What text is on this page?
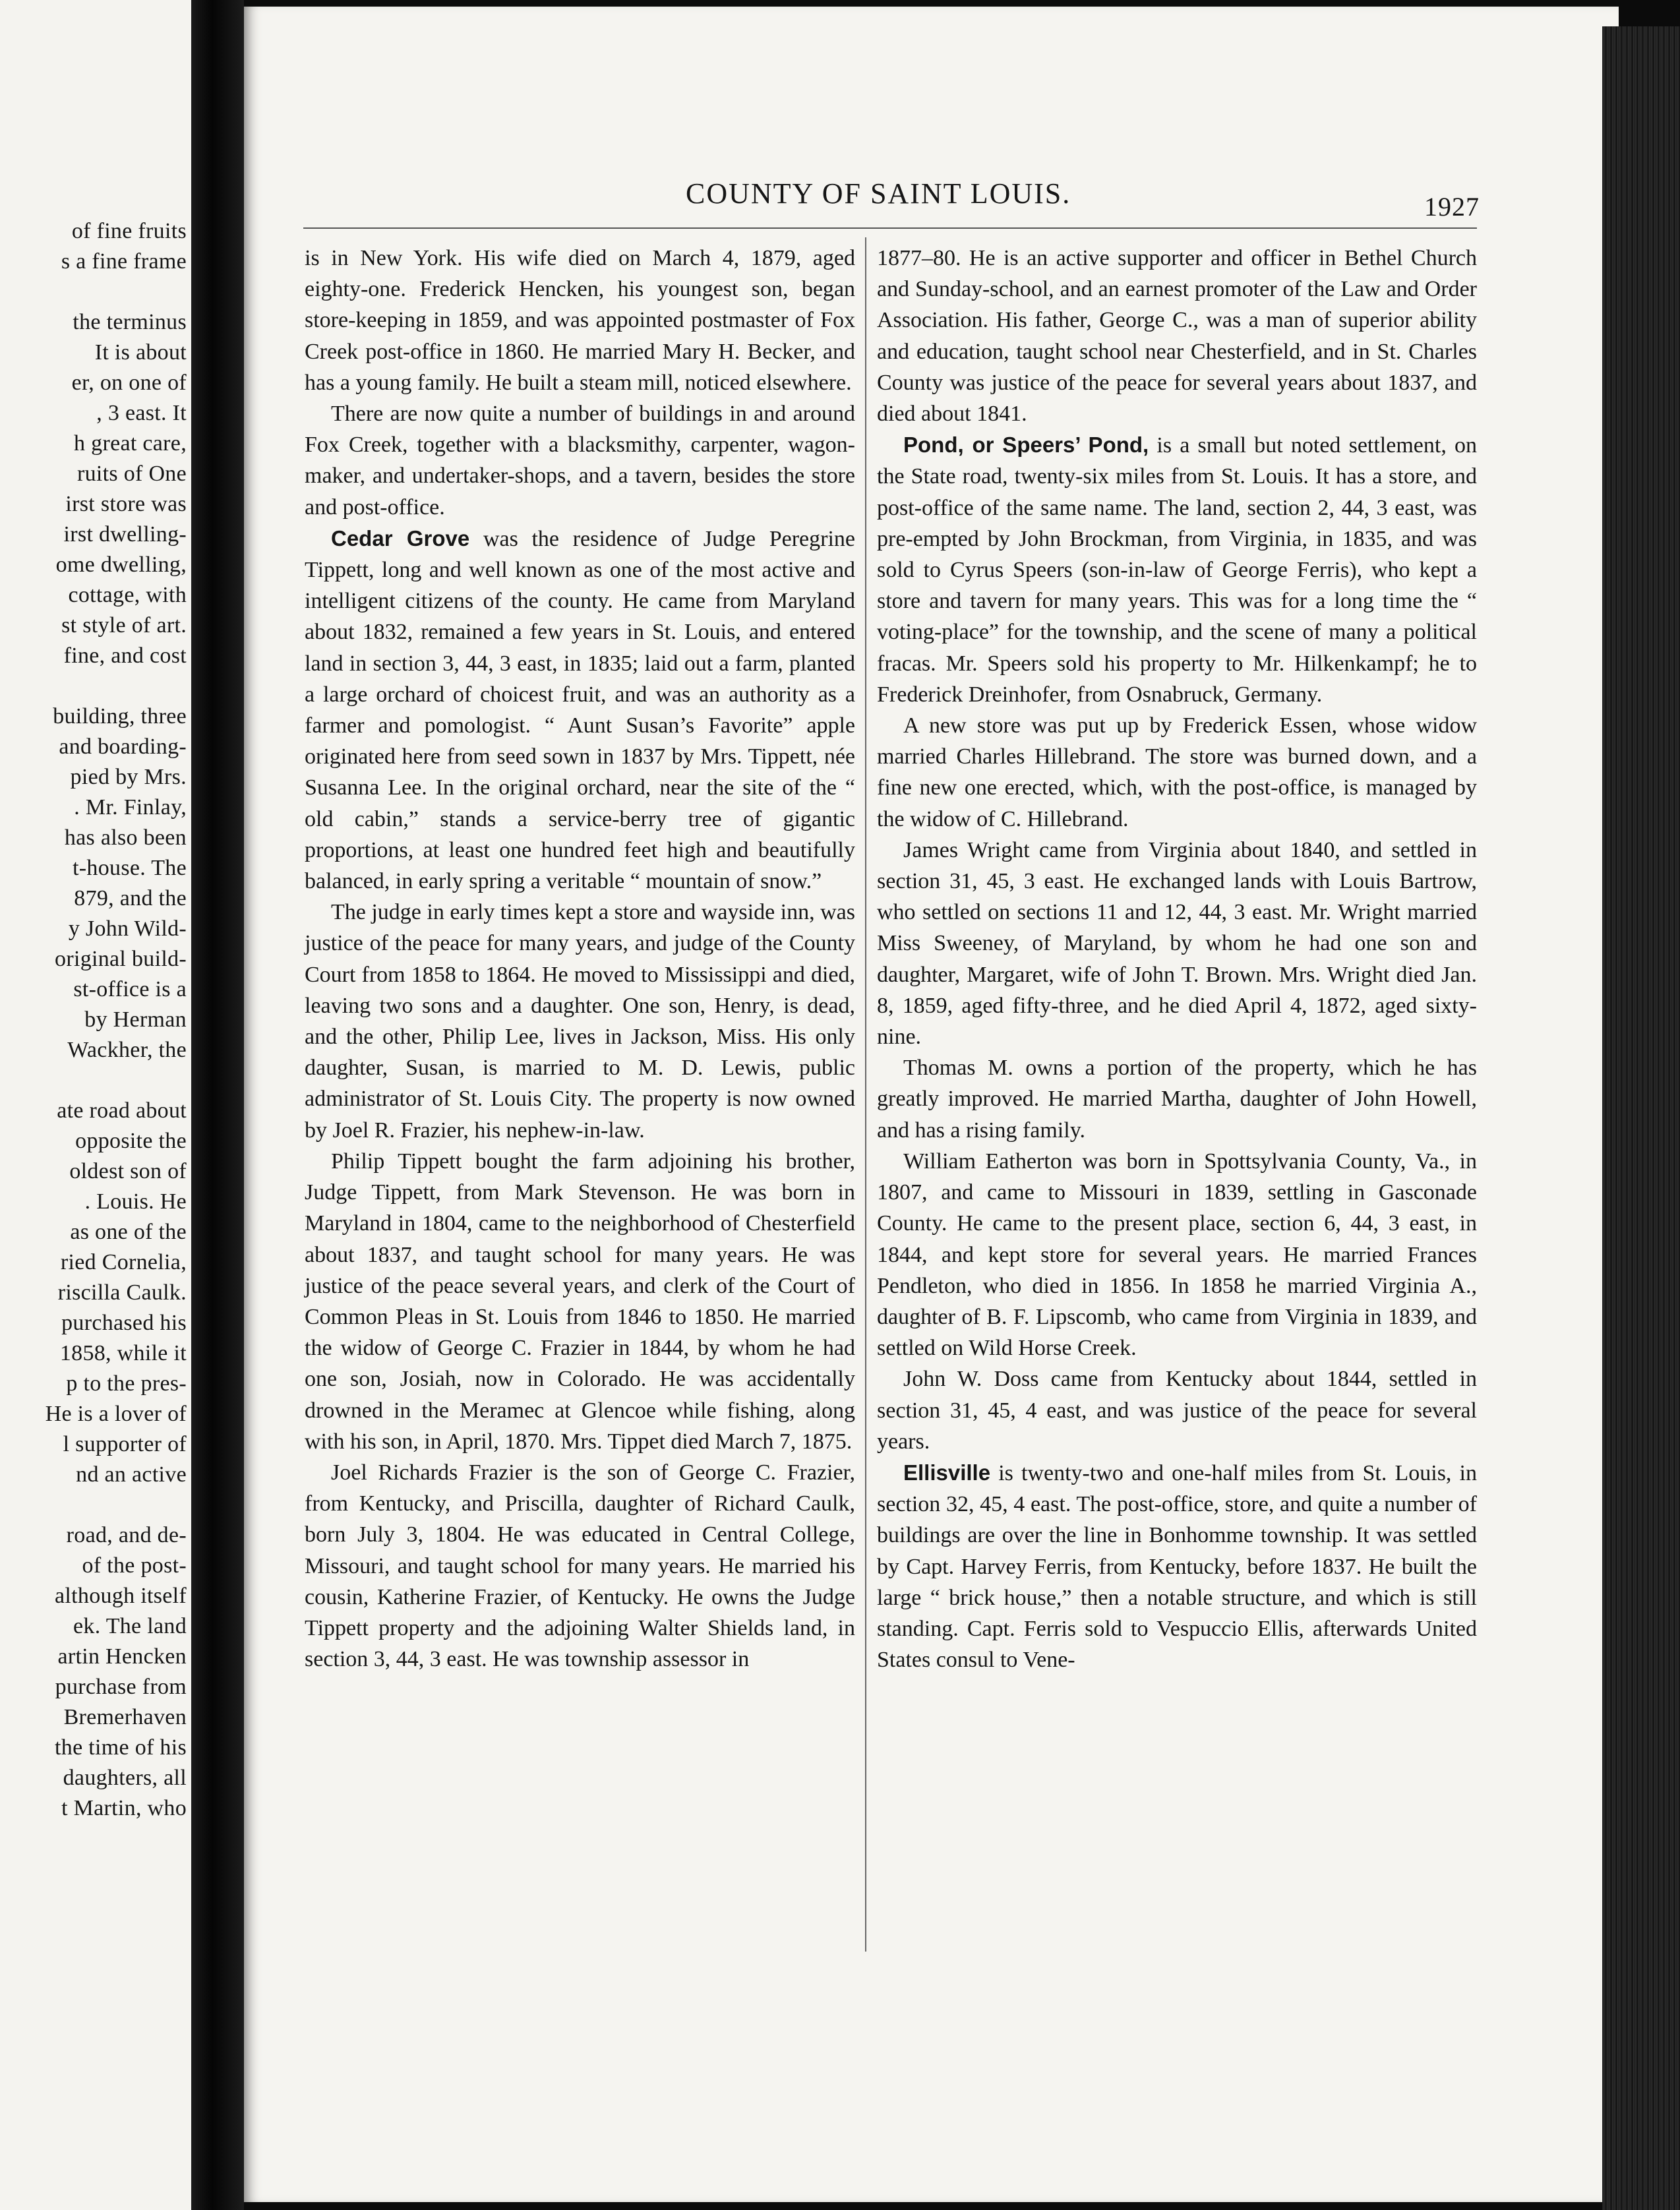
of fine fruits
s a fine frame
the terminus
It is about
er, on one of
, 3 east. It
h great care,
ruits of One
irst store was
irst dwelling-
ome dwelling,
cottage, with
st style of art.
fine, and cost
building, three
and boarding-
pied by Mrs.
. Mr. Finlay,
has also been
t-house. The
879, and the
y John Wild-
original build-
st-office is a
by Herman
Wackher, the
ate road about
opposite the
oldest son of
. Louis. He
as one of the
ried Cornelia,
riscilla Caulk.
purchased his
1858, while it
p to the pres-
He is a lover of
l supporter of
nd an active
road, and de-
of the post-
although itself
ek. The land
artin Hencken
purchase from
Bremerhaven
the time of his
daughters, all
t Martin, who
COUNTY OF SAINT LOUIS.	1927

is in New York. His wife died on March 4, 1879, aged eighty-one. Frederick Hencken, his youngest son, began store-keeping in 1859, and was appointed postmaster of Fox Creek post-office in 1860. He married Mary H. Becker, and has a young family. He built a steam mill, noticed elsewhere.

There are now quite a number of buildings in and around Fox Creek, together with a blacksmithy, carpenter, wagon-maker, and undertaker-shops, and a tavern, besides the store and post-office.

Cedar Grove was the residence of Judge Peregrine Tippett, long and well known as one of the most active and intelligent citizens of the county. He came from Maryland about 1832, remained a few years in St. Louis, and entered land in section 3, 44, 3 east, in 1835; laid out a farm, planted a large orchard of choicest fruit, and was an authority as a farmer and pomologist. “ Aunt Susan’s Favorite” apple originated here from seed sown in 1837 by Mrs. Tippett, née Susanna Lee. In the original orchard, near the site of the “ old cabin,” stands a service-berry tree of gigantic proportions, at least one hundred feet high and beautifully balanced, in early spring a veritable “ mountain of snow.”

The judge in early times kept a store and wayside inn, was justice of the peace for many years, and judge of the County Court from 1858 to 1864. He moved to Mississippi and died, leaving two sons and a daughter. One son, Henry, is dead, and the other, Philip Lee, lives in Jackson, Miss. His only daughter, Susan, is married to M. D. Lewis, public administrator of St. Louis City. The property is now owned by Joel R. Frazier, his nephew-in-law.

Philip Tippett bought the farm adjoining his brother, Judge Tippett, from Mark Stevenson. He was born in Maryland in 1804, came to the neighborhood of Chesterfield about 1837, and taught school for many years. He was justice of the peace several years, and clerk of the Court of Common Pleas in St. Louis from 1846 to 1850. He married the widow of George C. Frazier in 1844, by whom he had one son, Josiah, now in Colorado. He was accidentally drowned in the Meramec at Glencoe while fishing, along with his son, in April, 1870. Mrs. Tippet died March 7, 1875.

Joel Richards Frazier is the son of George C. Frazier, from Kentucky, and Priscilla, daughter of Richard Caulk, born July 3, 1804. He was educated in Central College, Missouri, and taught school for many years. He married his cousin, Katherine Frazier, of Kentucky. He owns the Judge Tippett property and the adjoining Walter Shields land, in section 3, 44, 3 east. He was township assessor in

1877–80. He is an active supporter and officer in Bethel Church and Sunday-school, and an earnest promoter of the Law and Order Association. His father, George C., was a man of superior ability and education, taught school near Chesterfield, and in St. Charles County was justice of the peace for several years about 1837, and died about 1841.

Pond, or Speers’ Pond, is a small but noted settlement, on the State road, twenty-six miles from St. Louis. It has a store, and post-office of the same name. The land, section 2, 44, 3 east, was pre-empted by John Brockman, from Virginia, in 1835, and was sold to Cyrus Speers (son-in-law of George Ferris), who kept a store and tavern for many years. This was for a long time the “ voting-place” for the township, and the scene of many a political fracas. Mr. Speers sold his property to Mr. Hilkenkampf; he to Frederick Dreinhofer, from Osnabruck, Germany.

A new store was put up by Frederick Essen, whose widow married Charles Hillebrand. The store was burned down, and a fine new one erected, which, with the post-office, is managed by the widow of C. Hillebrand.

James Wright came from Virginia about 1840, and settled in section 31, 45, 3 east. He exchanged lands with Louis Bartrow, who settled on sections 11 and 12, 44, 3 east. Mr. Wright married Miss Sweeney, of Maryland, by whom he had one son and daughter, Margaret, wife of John T. Brown. Mrs. Wright died Jan. 8, 1859, aged fifty-three, and he died April 4, 1872, aged sixty-nine.

Thomas M. owns a portion of the property, which he has greatly improved. He married Martha, daughter of John Howell, and has a rising family.

William Eatherton was born in Spottsylvania County, Va., in 1807, and came to Missouri in 1839, settling in Gasconade County. He came to the present place, section 6, 44, 3 east, in 1844, and kept store for several years. He married Frances Pendleton, who died in 1856. In 1858 he married Virginia A., daughter of B. F. Lipscomb, who came from Virginia in 1839, and settled on Wild Horse Creek.

John W. Doss came from Kentucky about 1844, settled in section 31, 45, 4 east, and was justice of the peace for several years.

Ellisville is twenty-two and one-half miles from St. Louis, in section 32, 45, 4 east. The post-office, store, and quite a number of buildings are over the line in Bonhomme township. It was settled by Capt. Harvey Ferris, from Kentucky, before 1837. He built the large “ brick house,” then a notable structure, and which is still standing. Capt. Ferris sold to Vespuccio Ellis, afterwards United States consul to Vene-
